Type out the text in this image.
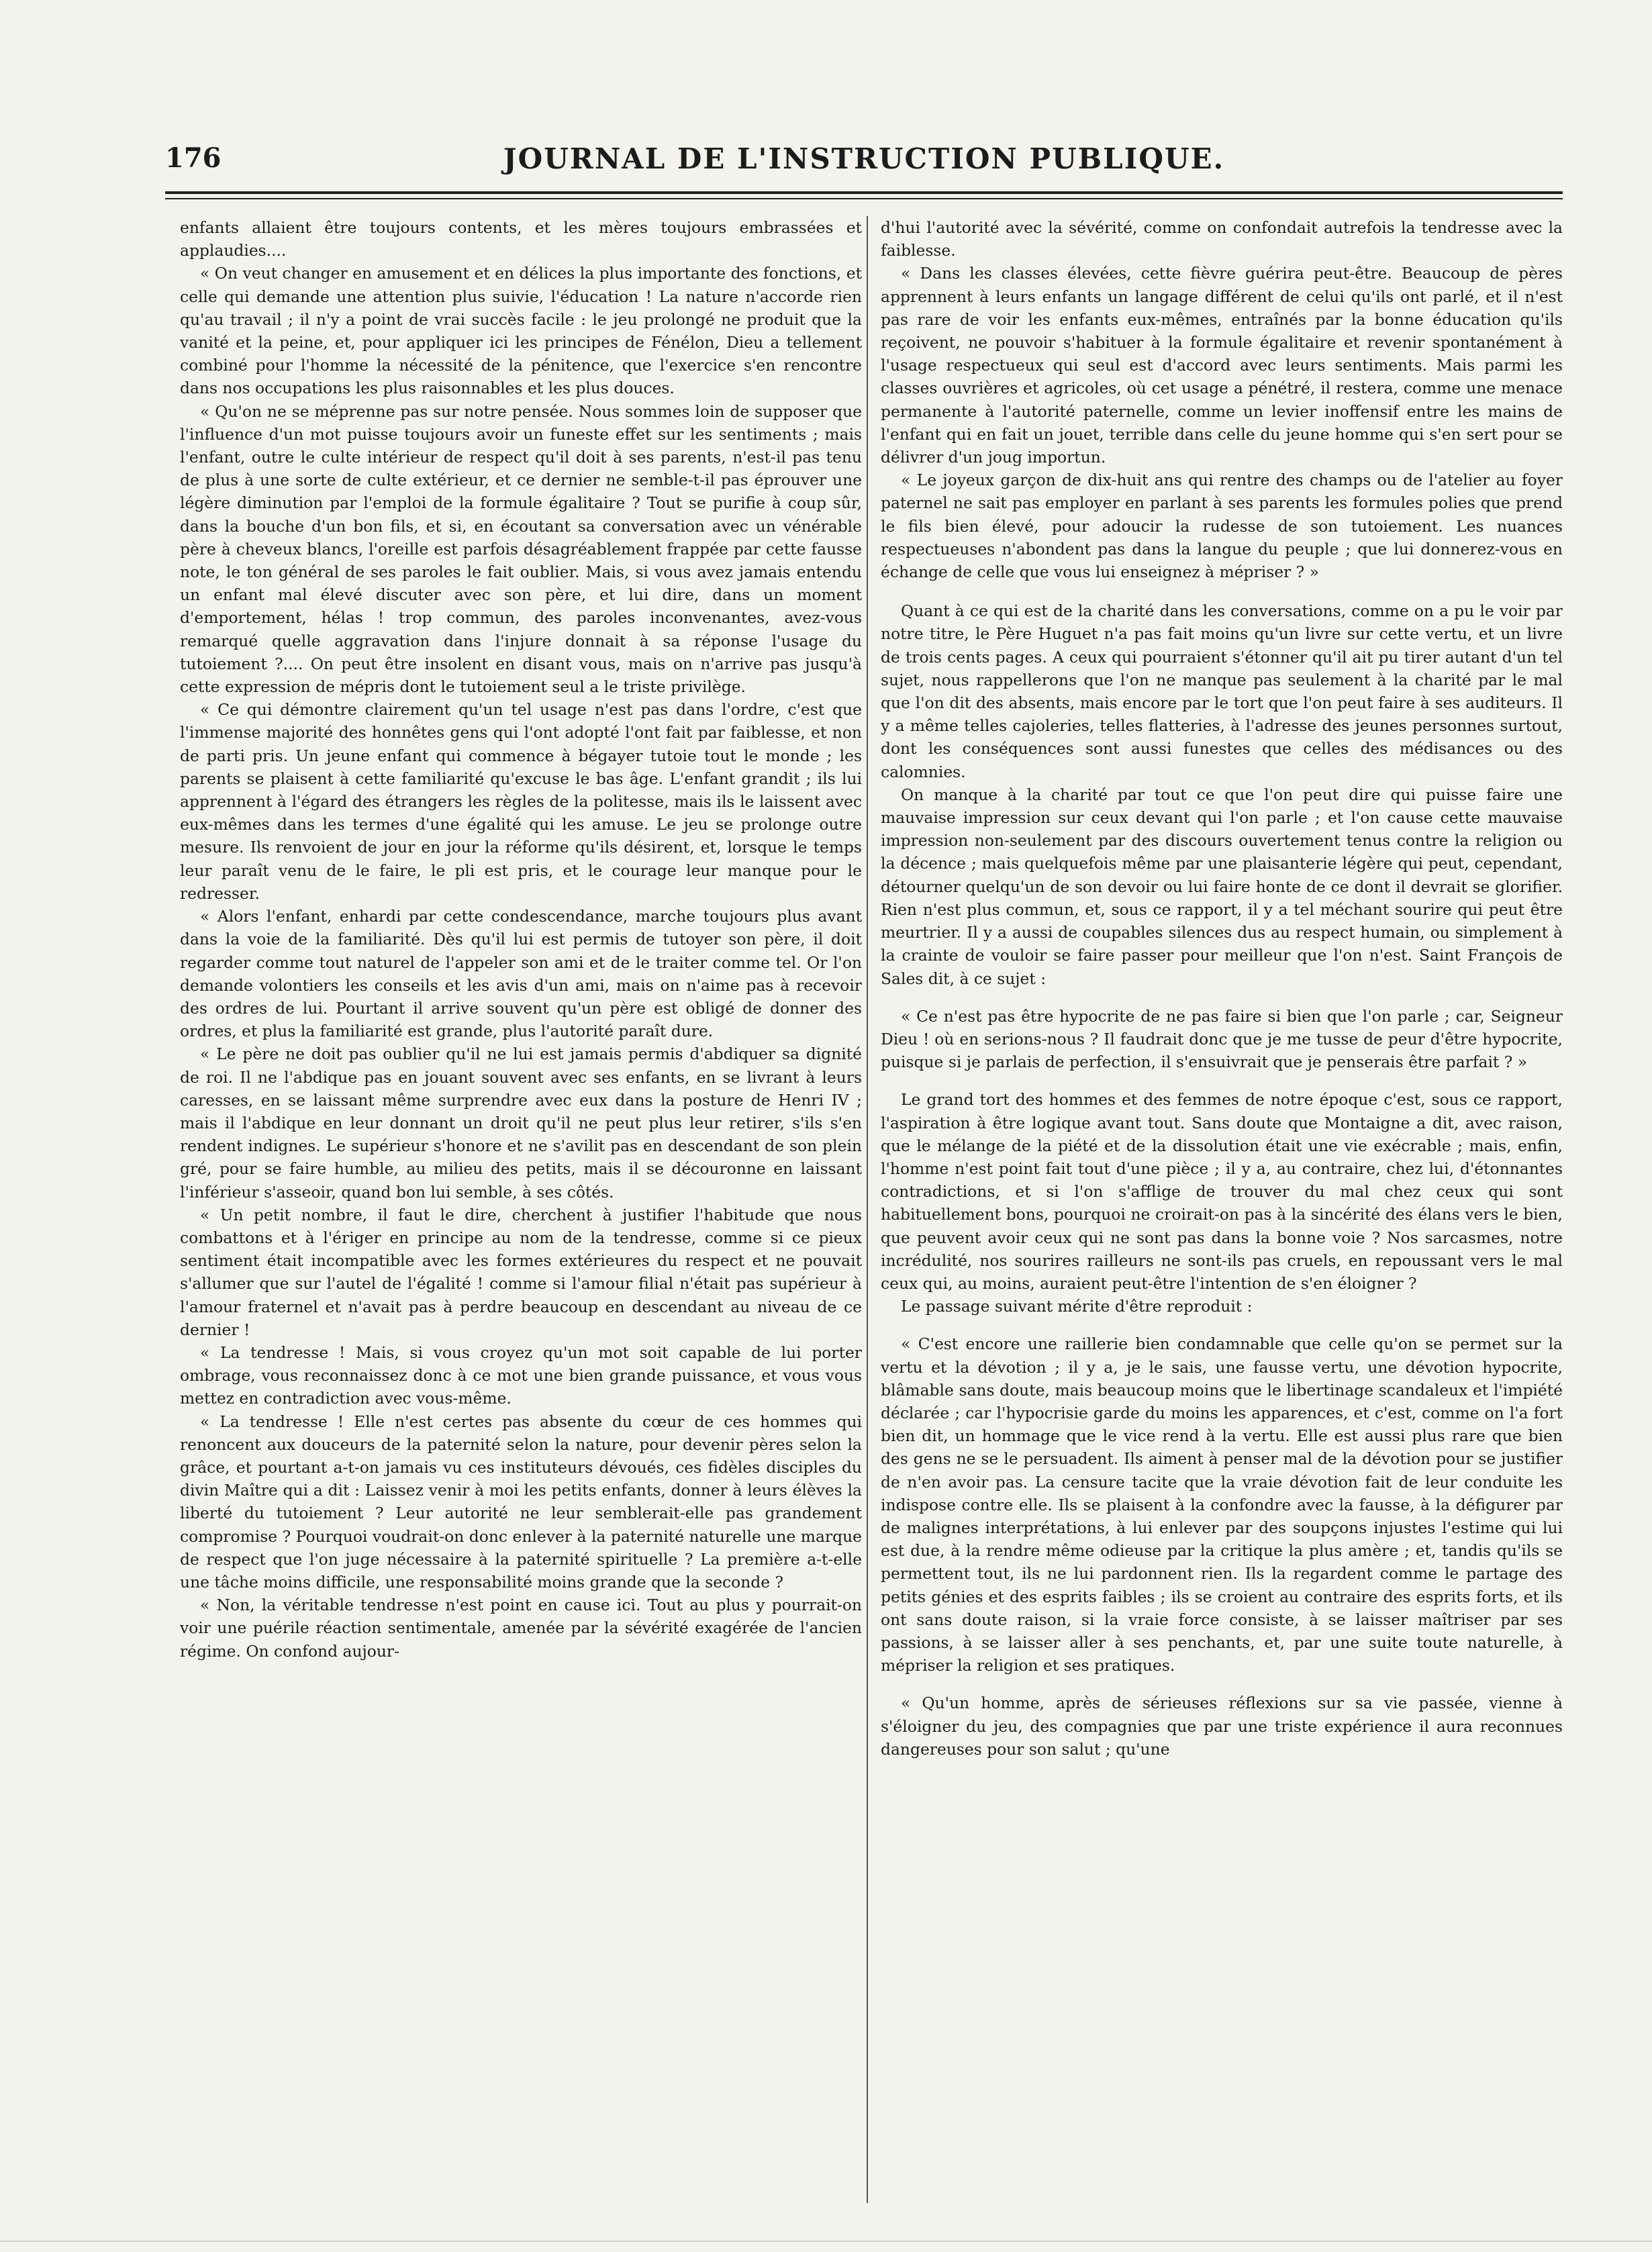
176	JOURNAL DE L'INSTRUCTION PUBLIQUE.

enfants allaient être toujours contents, et les mères toujours embrassées et applaudies....

« On veut changer en amusement et en délices la plus importante des fonctions, et celle qui demande une attention plus suivie, l'éducation ! La nature n'accorde rien qu'au travail ; il n'y a point de vrai succès facile : le jeu prolongé ne produit que la vanité et la peine, et, pour appliquer ici les principes de Fénélon, Dieu a tellement combiné pour l'homme la nécessité de la pénitence, que l'exercice s'en rencontre dans nos occupations les plus raisonnables et les plus douces.

« Qu'on ne se méprenne pas sur notre pensée. Nous sommes loin de supposer que l'influence d'un mot puisse toujours avoir un funeste effet sur les sentiments ; mais l'enfant, outre le culte intérieur de respect qu'il doit à ses parents, n'est-il pas tenu de plus à une sorte de culte extérieur, et ce dernier ne semble-t-il pas éprouver une légère diminution par l'emploi de la formule égalitaire ? Tout se purifie à coup sûr, dans la bouche d'un bon fils, et si, en écoutant sa conversation avec un vénérable père à cheveux blancs, l'oreille est parfois désagréablement frappée par cette fausse note, le ton général de ses paroles le fait oublier. Mais, si vous avez jamais entendu un enfant mal élevé discuter avec son père, et lui dire, dans un moment d'emportement, hélas ! trop commun, des paroles inconvenantes, avez-vous remarqué quelle aggravation dans l'injure donnait à sa réponse l'usage du tutoiement ?.... On peut être insolent en disant vous, mais on n'arrive pas jusqu'à cette expression de mépris dont le tutoiement seul a le triste privilège.

« Ce qui démontre clairement qu'un tel usage n'est pas dans l'ordre, c'est que l'immense majorité des honnêtes gens qui l'ont adopté l'ont fait par faiblesse, et non de parti pris. Un jeune enfant qui commence à bégayer tutoie tout le monde ; les parents se plaisent à cette familiarité qu'excuse le bas âge. L'enfant grandit ; ils lui apprennent à l'égard des étrangers les règles de la politesse, mais ils le laissent avec eux-mêmes dans les termes d'une égalité qui les amuse. Le jeu se prolonge outre mesure. Ils renvoient de jour en jour la réforme qu'ils désirent, et, lorsque le temps leur paraît venu de le faire, le pli est pris, et le courage leur manque pour le redresser.

« Alors l'enfant, enhardi par cette condescendance, marche toujours plus avant dans la voie de la familiarité. Dès qu'il lui est permis de tutoyer son père, il doit regarder comme tout naturel de l'appeler son ami et de le traiter comme tel. Or l'on demande volontiers les conseils et les avis d'un ami, mais on n'aime pas à recevoir des ordres de lui. Pourtant il arrive souvent qu'un père est obligé de donner des ordres, et plus la familiarité est grande, plus l'autorité paraît dure.

« Le père ne doit pas oublier qu'il ne lui est jamais permis d'abdiquer sa dignité de roi. Il ne l'abdique pas en jouant souvent avec ses enfants, en se livrant à leurs caresses, en se laissant même surprendre avec eux dans la posture de Henri IV ; mais il l'abdique en leur donnant un droit qu'il ne peut plus leur retirer, s'ils s'en rendent indignes. Le supérieur s'honore et ne s'avilit pas en descendant de son plein gré, pour se faire humble, au milieu des petits, mais il se découronne en laissant l'inférieur s'asseoir, quand bon lui semble, à ses côtés.

« Un petit nombre, il faut le dire, cherchent à justifier l'habitude que nous combattons et à l'ériger en principe au nom de la tendresse, comme si ce pieux sentiment était incompatible avec les formes extérieures du respect et ne pouvait s'allumer que sur l'autel de l'égalité ! comme si l'amour filial n'était pas supérieur à l'amour fraternel et n'avait pas à perdre beaucoup en descendant au niveau de ce dernier !

« La tendresse ! Mais, si vous croyez qu'un mot soit capable de lui porter ombrage, vous reconnaissez donc à ce mot une bien grande puissance, et vous vous mettez en contradiction avec vous-même.

« La tendresse ! Elle n'est certes pas absente du cœur de ces hommes qui renoncent aux douceurs de la paternité selon la nature, pour devenir pères selon la grâce, et pourtant a-t-on jamais vu ces instituteurs dévoués, ces fidèles disciples du divin Maître qui a dit : Laissez venir à moi les petits enfants, donner à leurs élèves la liberté du tutoiement ? Leur autorité ne leur semblerait-elle pas grandement compromise ? Pourquoi voudrait-on donc enlever à la paternité naturelle une marque de respect que l'on juge nécessaire à la paternité spirituelle ? La première a-t-elle une tâche moins difficile, une responsabilité moins grande que la seconde ?

« Non, la véritable tendresse n'est point en cause ici. Tout au plus y pourrait-on voir une puérile réaction sentimentale, amenée par la sévérité exagérée de l'ancien régime. On confond aujour-

d'hui l'autorité avec la sévérité, comme on confondait autrefois la tendresse avec la faiblesse.

« Dans les classes élevées, cette fièvre guérira peut-être. Beaucoup de pères apprennent à leurs enfants un langage différent de celui qu'ils ont parlé, et il n'est pas rare de voir les enfants eux-mêmes, entraînés par la bonne éducation qu'ils reçoivent, ne pouvoir s'habituer à la formule égalitaire et revenir spontanément à l'usage respectueux qui seul est d'accord avec leurs sentiments. Mais parmi les classes ouvrières et agricoles, où cet usage a pénétré, il restera, comme une menace permanente à l'autorité paternelle, comme un levier inoffensif entre les mains de l'enfant qui en fait un jouet, terrible dans celle du jeune homme qui s'en sert pour se délivrer d'un joug importun.

« Le joyeux garçon de dix-huit ans qui rentre des champs ou de l'atelier au foyer paternel ne sait pas employer en parlant à ses parents les formules polies que prend le fils bien élevé, pour adoucir la rudesse de son tutoiement. Les nuances respectueuses n'abondent pas dans la langue du peuple ; que lui donnerez-vous en échange de celle que vous lui enseignez à mépriser ? »

Quant à ce qui est de la charité dans les conversations, comme on a pu le voir par notre titre, le Père Huguet n'a pas fait moins qu'un livre sur cette vertu, et un livre de trois cents pages. A ceux qui pourraient s'étonner qu'il ait pu tirer autant d'un tel sujet, nous rappellerons que l'on ne manque pas seulement à la charité par le mal que l'on dit des absents, mais encore par le tort que l'on peut faire à ses auditeurs. Il y a même telles cajoleries, telles flatteries, à l'adresse des jeunes personnes surtout, dont les conséquences sont aussi funestes que celles des médisances ou des calomnies.

On manque à la charité par tout ce que l'on peut dire qui puisse faire une mauvaise impression sur ceux devant qui l'on parle ; et l'on cause cette mauvaise impression non-seulement par des discours ouvertement tenus contre la religion ou la décence ; mais quelquefois même par une plaisanterie légère qui peut, cependant, détourner quelqu'un de son devoir ou lui faire honte de ce dont il devrait se glorifier. Rien n'est plus commun, et, sous ce rapport, il y a tel méchant sourire qui peut être meurtrier. Il y a aussi de coupables silences dus au respect humain, ou simplement à la crainte de vouloir se faire passer pour meilleur que l'on n'est. Saint François de Sales dit, à ce sujet :

« Ce n'est pas être hypocrite de ne pas faire si bien que l'on parle ; car, Seigneur Dieu ! où en serions-nous ? Il faudrait donc que je me tusse de peur d'être hypocrite, puisque si je parlais de perfection, il s'ensuivrait que je penserais être parfait ? »

Le grand tort des hommes et des femmes de notre époque c'est, sous ce rapport, l'aspiration à être logique avant tout. Sans doute que Montaigne a dit, avec raison, que le mélange de la piété et de la dissolution était une vie exécrable ; mais, enfin, l'homme n'est point fait tout d'une pièce ; il y a, au contraire, chez lui, d'étonnantes contradictions, et si l'on s'afflige de trouver du mal chez ceux qui sont habituellement bons, pourquoi ne croirait-on pas à la sincérité des élans vers le bien, que peuvent avoir ceux qui ne sont pas dans la bonne voie ? Nos sarcasmes, notre incrédulité, nos sourires railleurs ne sont-ils pas cruels, en repoussant vers le mal ceux qui, au moins, auraient peut-être l'intention de s'en éloigner ?

Le passage suivant mérite d'être reproduit :

« C'est encore une raillerie bien condamnable que celle qu'on se permet sur la vertu et la dévotion ; il y a, je le sais, une fausse vertu, une dévotion hypocrite, blâmable sans doute, mais beaucoup moins que le libertinage scandaleux et l'impiété déclarée ; car l'hypocrisie garde du moins les apparences, et c'est, comme on l'a fort bien dit, un hommage que le vice rend à la vertu. Elle est aussi plus rare que bien des gens ne se le persuadent. Ils aiment à penser mal de la dévotion pour se justifier de n'en avoir pas. La censure tacite que la vraie dévotion fait de leur conduite les indispose contre elle. Ils se plaisent à la confondre avec la fausse, à la défigurer par de malignes interprétations, à lui enlever par des soupçons injustes l'estime qui lui est due, à la rendre même odieuse par la critique la plus amère ; et, tandis qu'ils se permettent tout, ils ne lui pardonnent rien. Ils la regardent comme le partage des petits génies et des esprits faibles ; ils se croient au contraire des esprits forts, et ils ont sans doute raison, si la vraie force consiste, à se laisser maîtriser par ses passions, à se laisser aller à ses penchants, et, par une suite toute naturelle, à mépriser la religion et ses pratiques.

« Qu'un homme, après de sérieuses réflexions sur sa vie passée, vienne à s'éloigner du jeu, des compagnies que par une triste expérience il aura reconnues dangereuses pour son salut ; qu'une
